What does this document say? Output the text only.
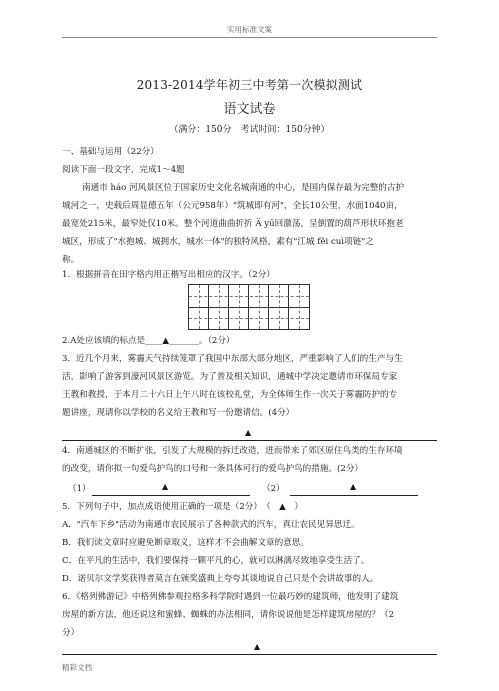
实用标准文案
2013-2014学年初三中考第一次模拟测试
语文试卷
（满分：150分　考试时间：150分钟）
一、基础与运用（22分）
阅读下面一段文字，完成1～4题
南通市 háo 河风景区位于国家历史文化名城南通的中心，是国内保存最为完整的古护
城河之一，史载后周显德五年（公元958年）"筑城即有河"，全长10公里，水面1040亩，
最宽处215米，最窄处仅10米。整个河道曲曲折折 Ä yū回激荡，呈倒置的葫芦形状环抱老
城区，形成了"水抱城、城拥水，城水一体"的独特风格，素有"江城 fěi cuì项链"之
称。
1．根据拼音在田字格内用正楷写出相应的汉字。（2分）
2.A处应该填的标点是____▲_______。（2分）
3．近几个月来，雾霾天气持续笼罩了我国中东部大部分地区，严重影响了人们的生产与生
活，影响了游客到濠河风景区游览。为了普及相关知识，通城中学决定邀请市环保局专家
王教和教授，于本月二十六日上午八时在该校礼堂，为全体师生作一次关于雾霾防护的专
题讲座，现请你以学校的名义给王教和写一份邀请信。(4分）
▲
4．南通城区的不断扩张，引发了大规模的拆迁改造，进而带来了郊区原住鸟类的生存环境
的改变，请你拟一句爱鸟护鸟的口号和一条具体可行的爱鸟护鸟的措施。(2分）
（1）	▲	（2）	▲
5．下列句子中，加点成语使用正确的一项是（2分）　（　▲　）
A．"汽车下乡"活动为南通市农民展示了各种款式的汽车，真让农民见异思迁。
B．我们读文章时应避免断章取义，这样才不会曲解文章的意思。
C．在平凡的生活中，我们要保持一颗平凡的心，就可以淋漓尽致地享受生活了。
D．诺贝尔文学奖获得者莫言在颁奖盛典上夸夸其谈地说自己只是个会讲故事的人。
6．《格列佛游记》中格列佛参观拉格多科学院时遇到一位最巧妙的建筑师，他发明了建筑
房屋的新方法，他还说这和蜜蜂、蜘蛛的办法相同，请你说说他是怎样建筑房屋的？（2
分）
▲
精彩文档
